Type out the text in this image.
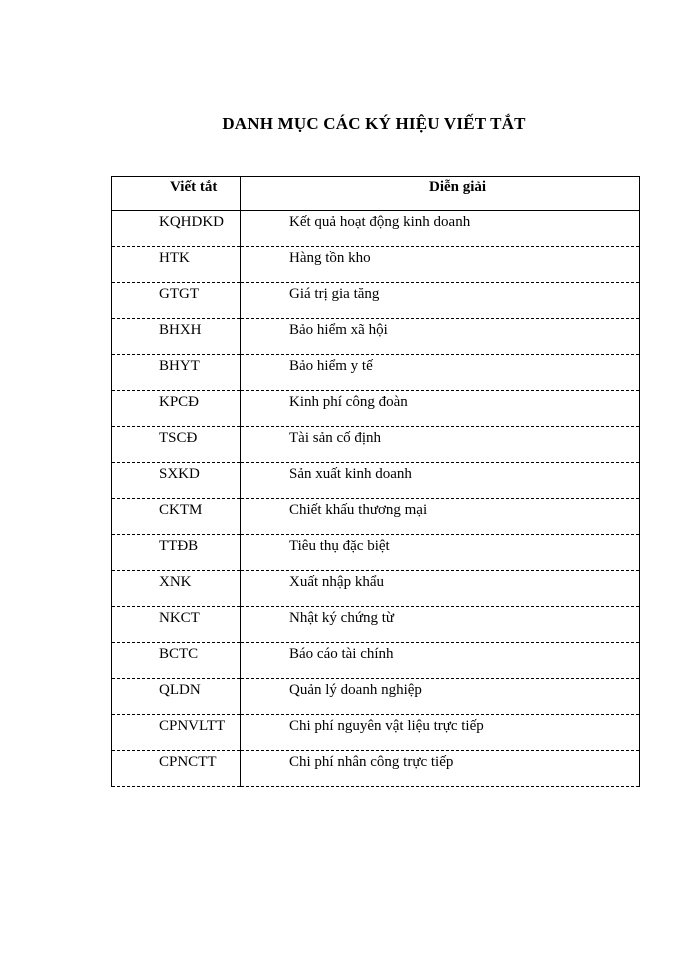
DANH MỤC CÁC KÝ HIỆU VIẾT TẮT
Viết tắt	Diễn giải
KQHDKD	Kết quả hoạt động kinh doanh
HTK	Hàng tồn kho
GTGT	Giá trị gia tăng
BHXH	Bảo hiểm xã hội
BHYT	Bảo hiểm y tế
KPCĐ	Kinh phí công đoàn
TSCĐ	Tài sản cố định
SXKD	Sản xuất kinh doanh
CKTM	Chiết khấu thương mại
TTĐB	Tiêu thụ đặc biệt
XNK	Xuất nhập khẩu
NKCT	Nhật ký chứng từ
BCTC	Báo cáo tài chính
QLDN	Quản lý doanh nghiệp
CPNVLTT	Chi phí nguyên vật liệu trực tiếp
CPNCTT	Chi phí nhân công trực tiếp
